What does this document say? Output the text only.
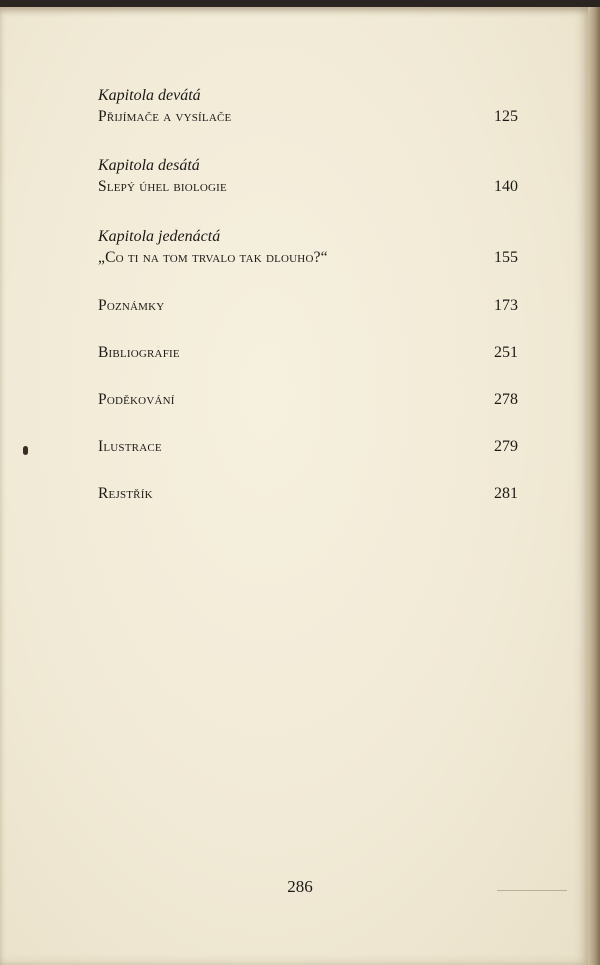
Kapitola devátá
Přijímače a vysílače	125
Kapitola desátá
Slepý úhel biologie	140
Kapitola jedenáctá
„Co ti na tom trvalo tak dlouho?“	155
Poznámky	173
Bibliografie	251
Poděkování	278
Ilustrace	279
Rejstřík	281
286
